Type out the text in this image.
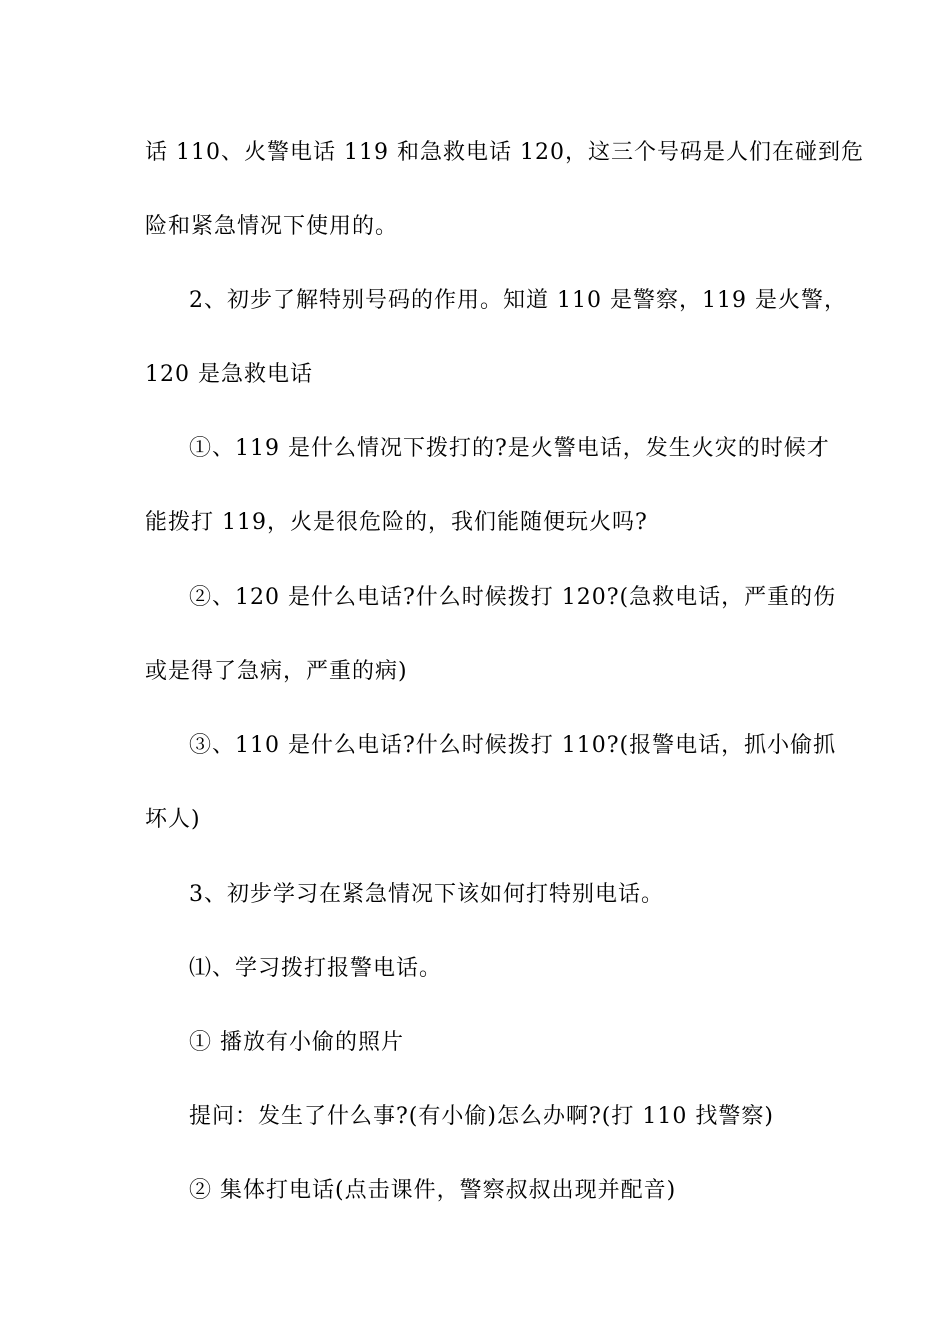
话 110、火警电话 119 和急救电话 120，这三个号码是人们在碰到危
险和紧急情况下使用的。
2、初步了解特别号码的作用。知道 110 是警察，119 是火警，
120 是急救电话
①、119 是什么情况下拨打的?是火警电话，发生火灾的时候才
能拨打 119，火是很危险的，我们能随便玩火吗?
②、120 是什么电话?什么时候拨打 120?(急救电话，严重的伤
或是得了急病，严重的病)
③、110 是什么电话?什么时候拨打 110?(报警电话，抓小偷抓
坏人)
3、初步学习在紧急情况下该如何打特别电话。
⑴、学习拨打报警电话。
① 播放有小偷的照片
提问：发生了什么事?(有小偷)怎么办啊?(打 110 找警察)
② 集体打电话(点击课件，警察叔叔出现并配音)
